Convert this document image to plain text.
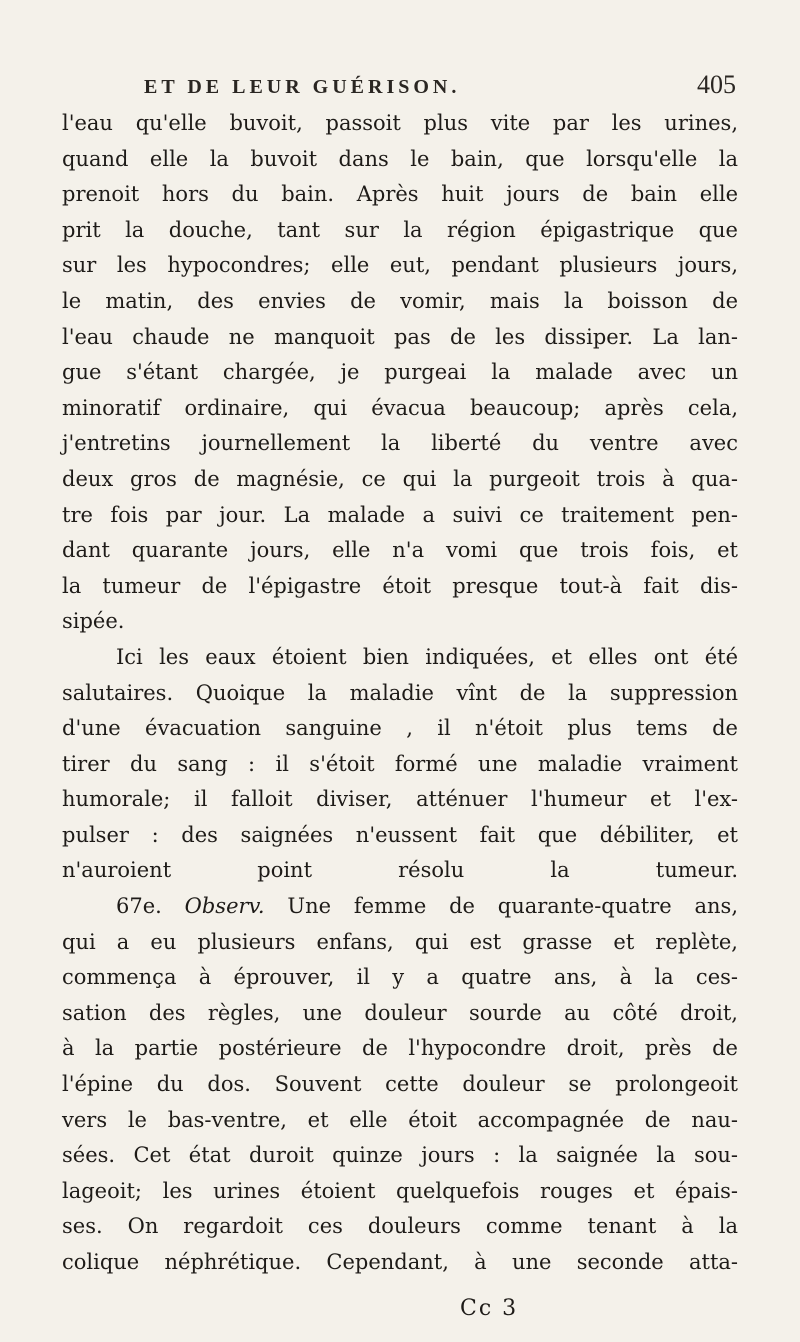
ET DE LEUR GUÉRISON.	405

l'eau qu'elle buvoit, passoit plus vite par les urines,
quand elle la buvoit dans le bain, que lorsqu'elle la
prenoit hors du bain. Après huit jours de bain elle
prit la douche, tant sur la région épigastrique que
sur les hypocondres; elle eut, pendant plusieurs jours,
le matin, des envies de vomir, mais la boisson de
l'eau chaude ne manquoit pas de les dissiper. La lan-
gue s'étant chargée, je purgeai la malade avec un
minoratif ordinaire, qui évacua beaucoup; après cela,
j'entretins journellement la liberté du ventre avec
deux gros de magnésie, ce qui la purgeoit trois à qua-
tre fois par jour. La malade a suivi ce traitement pen-
dant quarante jours, elle n'a vomi que trois fois, et
la tumeur de l'épigastre étoit presque tout-à fait dis-
sipée.

Ici les eaux étoient bien indiquées, et elles ont été
salutaires. Quoique la maladie vînt de la suppression
d'une évacuation sanguine , il n'étoit plus tems de
tirer du sang : il s'étoit formé une maladie vraiment
humorale; il falloit diviser, atténuer l'humeur et l'ex-
pulser : des saignées n'eussent fait que débiliter, et
n'auroient point résolu la tumeur.

67e. Observ. Une femme de quarante-quatre ans,
qui a eu plusieurs enfans, qui est grasse et replète,
commença à éprouver, il y a quatre ans, à la ces-
sation des règles, une douleur sourde au côté droit,
à la partie postérieure de l'hypocondre droit, près de
l'épine du dos. Souvent cette douleur se prolongeoit
vers le bas-ventre, et elle étoit accompagnée de nau-
sées. Cet état duroit quinze jours : la saignée la sou-
lageoit; les urines étoient quelquefois rouges et épais-
ses. On regardoit ces douleurs comme tenant à la
colique néphrétique. Cependant, à une seconde atta-

Cc 3
